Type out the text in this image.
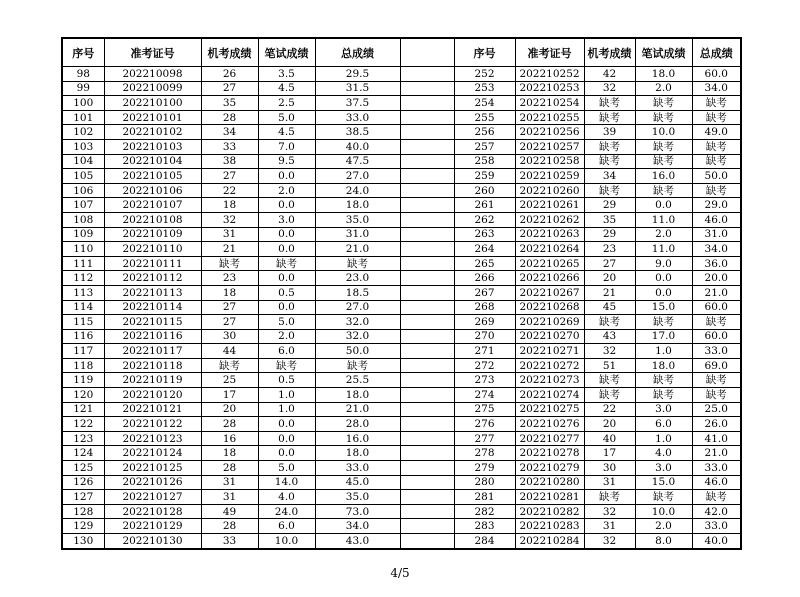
序号	准考证号	机考成绩	笔试成绩	总成绩		序号	准考证号	机考成绩	笔试成绩	总成绩
98	202210098	26	3.5	29.5		252	202210252	42	18.0	60.0
99	202210099	27	4.5	31.5		253	202210253	32	2.0	34.0
100	202210100	35	2.5	37.5		254	202210254	缺考	缺考	缺考
101	202210101	28	5.0	33.0		255	202210255	缺考	缺考	缺考
102	202210102	34	4.5	38.5		256	202210256	39	10.0	49.0
103	202210103	33	7.0	40.0		257	202210257	缺考	缺考	缺考
104	202210104	38	9.5	47.5		258	202210258	缺考	缺考	缺考
105	202210105	27	0.0	27.0		259	202210259	34	16.0	50.0
106	202210106	22	2.0	24.0		260	202210260	缺考	缺考	缺考
107	202210107	18	0.0	18.0		261	202210261	29	0.0	29.0
108	202210108	32	3.0	35.0		262	202210262	35	11.0	46.0
109	202210109	31	0.0	31.0		263	202210263	29	2.0	31.0
110	202210110	21	0.0	21.0		264	202210264	23	11.0	34.0
111	202210111	缺考	缺考	缺考		265	202210265	27	9.0	36.0
112	202210112	23	0.0	23.0		266	202210266	20	0.0	20.0
113	202210113	18	0.5	18.5		267	202210267	21	0.0	21.0
114	202210114	27	0.0	27.0		268	202210268	45	15.0	60.0
115	202210115	27	5.0	32.0		269	202210269	缺考	缺考	缺考
116	202210116	30	2.0	32.0		270	202210270	43	17.0	60.0
117	202210117	44	6.0	50.0		271	202210271	32	1.0	33.0
118	202210118	缺考	缺考	缺考		272	202210272	51	18.0	69.0
119	202210119	25	0.5	25.5		273	202210273	缺考	缺考	缺考
120	202210120	17	1.0	18.0		274	202210274	缺考	缺考	缺考
121	202210121	20	1.0	21.0		275	202210275	22	3.0	25.0
122	202210122	28	0.0	28.0		276	202210276	20	6.0	26.0
123	202210123	16	0.0	16.0		277	202210277	40	1.0	41.0
124	202210124	18	0.0	18.0		278	202210278	17	4.0	21.0
125	202210125	28	5.0	33.0		279	202210279	30	3.0	33.0
126	202210126	31	14.0	45.0		280	202210280	31	15.0	46.0
127	202210127	31	4.0	35.0		281	202210281	缺考	缺考	缺考
128	202210128	49	24.0	73.0		282	202210282	32	10.0	42.0
129	202210129	28	6.0	34.0		283	202210283	31	2.0	33.0
130	202210130	33	10.0	43.0		284	202210284	32	8.0	40.0
4/5
